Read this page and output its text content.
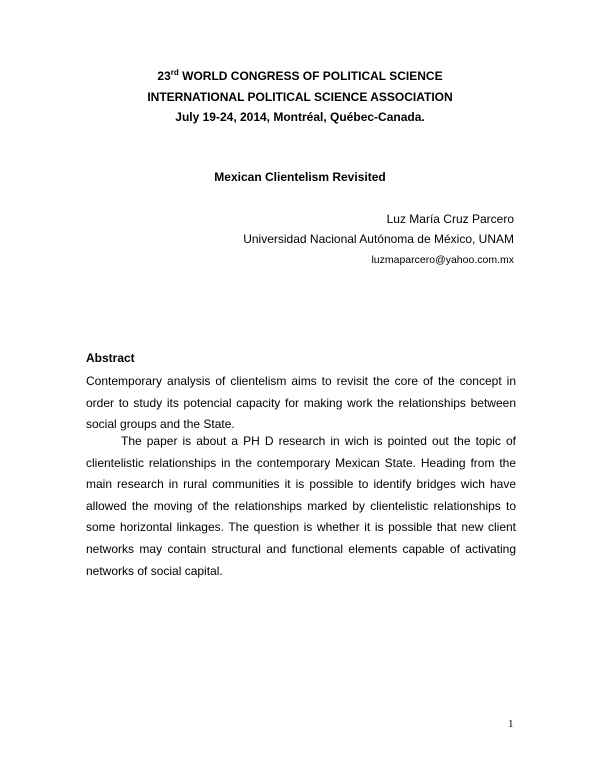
23rd WORLD CONGRESS OF POLITICAL SCIENCE
INTERNATIONAL POLITICAL SCIENCE ASSOCIATION
July 19-24, 2014, Montréal, Québec-Canada.
Mexican Clientelism Revisited
Luz María Cruz Parcero
Universidad Nacional Autónoma de México, UNAM
luzmaparcero@yahoo.com.mx
Abstract

Contemporary analysis of clientelism aims to revisit the core of the concept in order to study its potencial capacity for making work the relationships between social groups and the State.

The paper is about a PH D research in wich is pointed out the topic of clientelistic relationships in the contemporary Mexican State. Heading from the main research in rural communities it is possible to identify bridges wich have allowed the moving of the relationships marked by clientelistic relationships to some horizontal linkages. The question is whether it is possible that new client networks may contain structural and functional elements capable of activating networks of social capital.

1
